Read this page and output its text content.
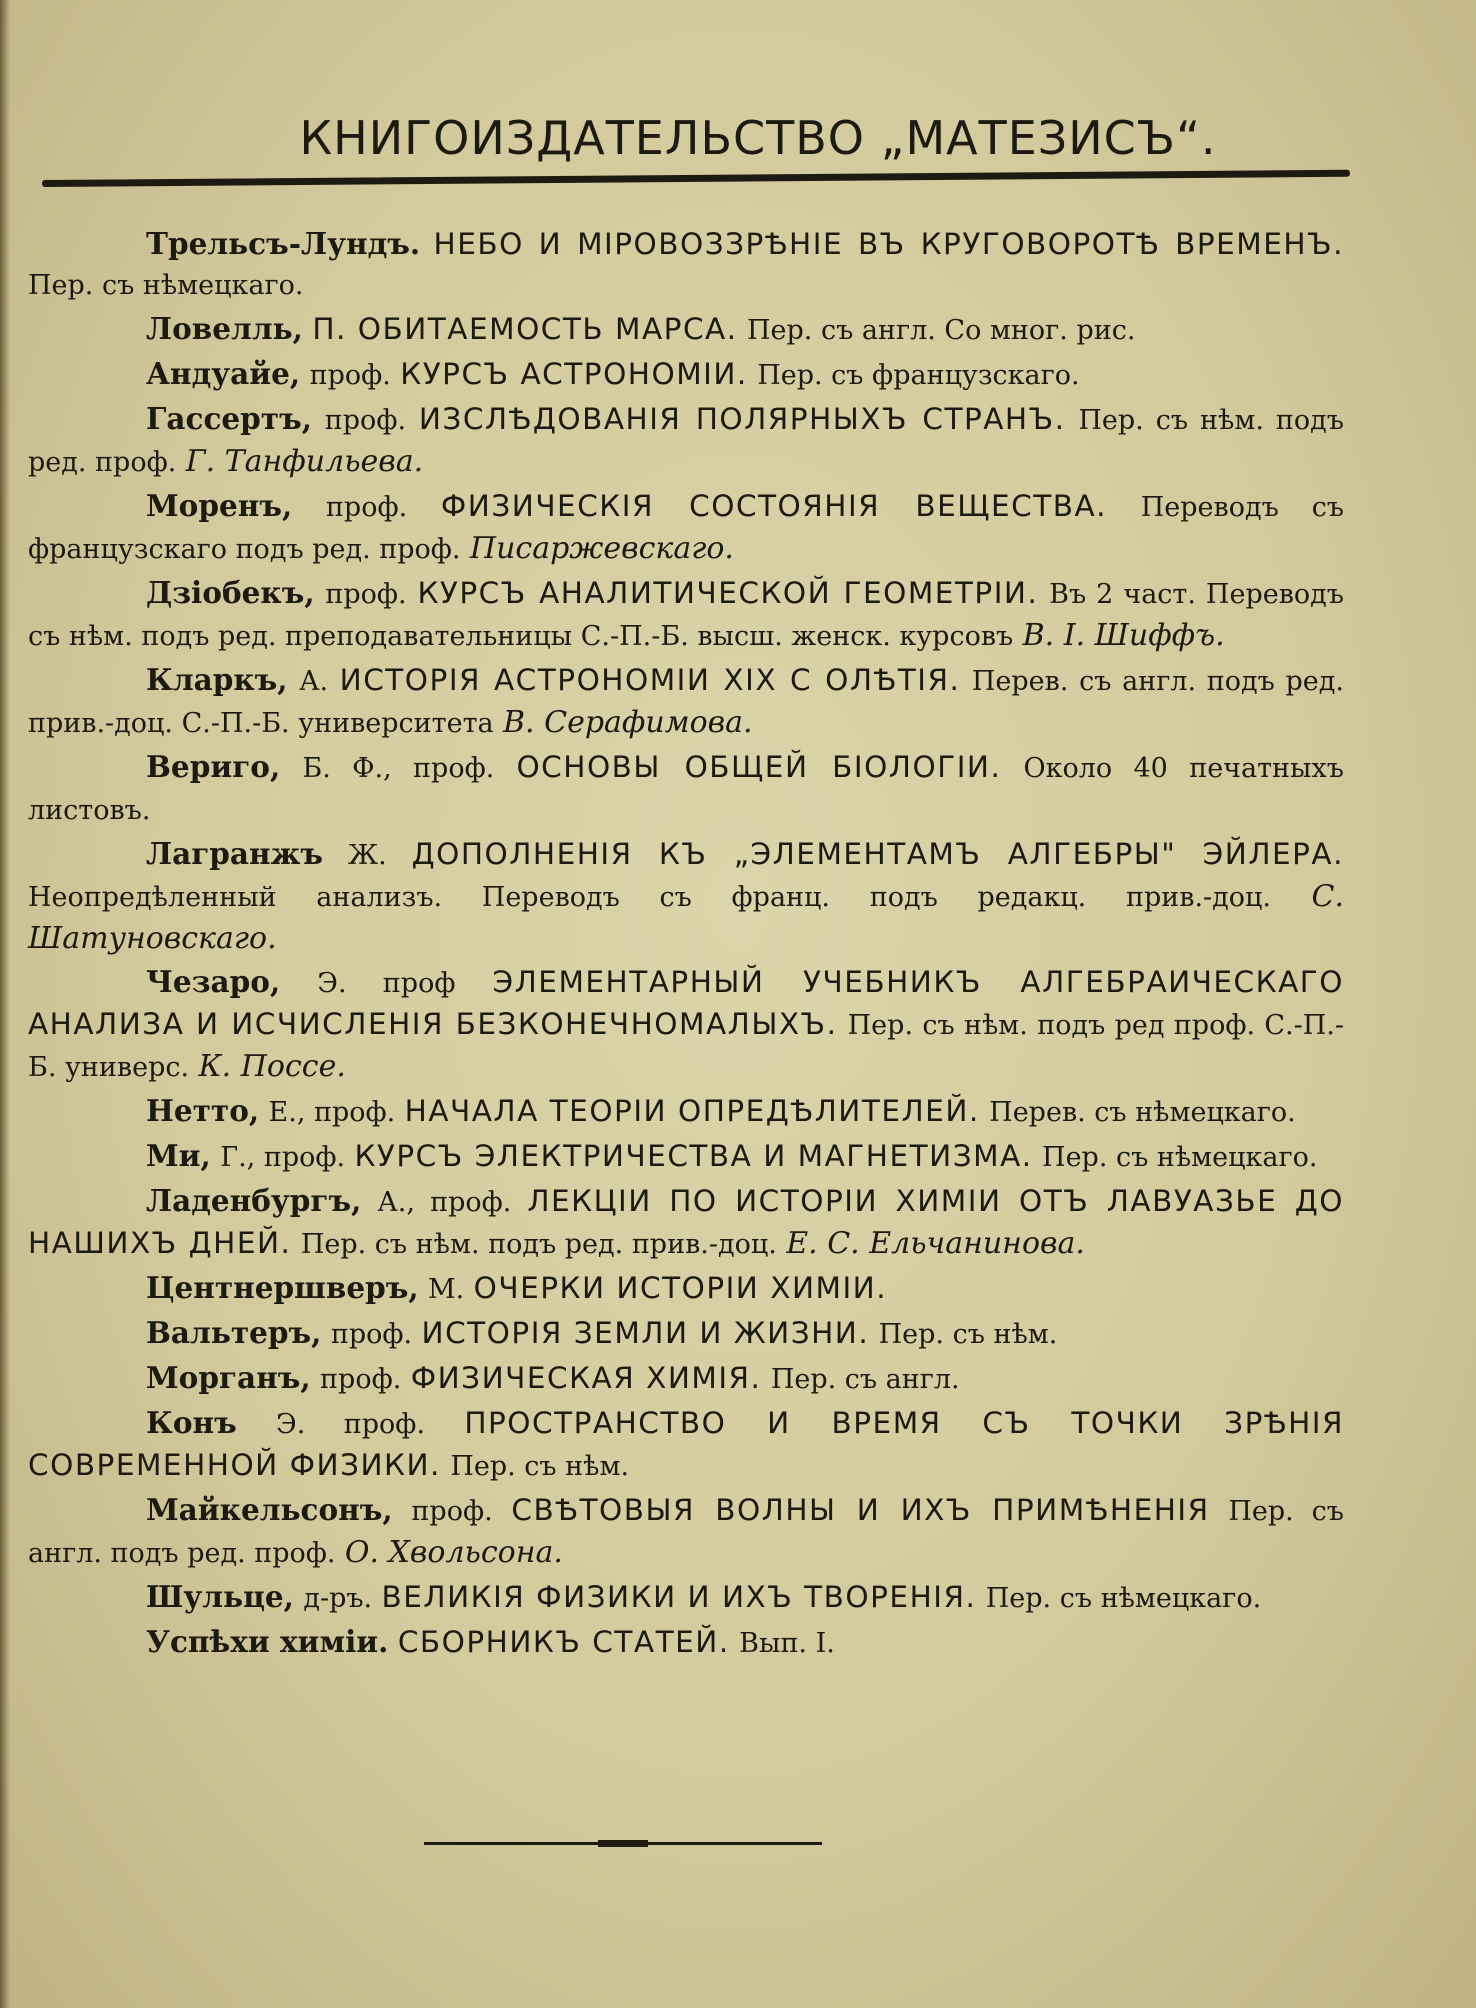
КНИГОИЗДАТЕЛЬСТВО „МАТЕЗИСЪ“.

Трельсъ-Лундъ. НЕБО И МІРОВОЗЗРѢНІЕ ВЪ КРУГОВОРОТѢ ВРЕМЕНЪ. Пер. съ нѣмецкаго.

Ловелль, П. ОБИТАЕМОСТЬ МАРСА. Пер. съ англ. Со мног. рис.

Андуайе, проф. КУРСЪ АСТРОНОМІИ. Пер. съ французскаго.

Гассертъ, проф. ИЗСЛѢДОВАНІЯ ПОЛЯРНЫХЪ СТРАНЪ. Пер. съ нѣм. подъ ред. проф. Г. Танфильева.

Моренъ, проф. ФИЗИЧЕСКІЯ СОСТОЯНІЯ ВЕЩЕСТВА. Переводъ съ французскаго подъ ред. проф. Писаржевскаго.

Дзіобекъ, проф. КУРСЪ АНАЛИТИЧЕСКОЙ ГЕОМЕТРІИ. Въ 2 част. Переводъ съ нѣм. подъ ред. преподавательницы С.-П.-Б. высш. женск. курсовъ В. I. Шиффъ.

Кларкъ, А. ИСТОРІЯ АСТРОНОМІИ XIX С ОЛѢТІЯ. Перев. съ англ. подъ ред. прив.-доц. С.-П.-Б. университета В. Серафимова.

Вериго, Б. Ф., проф. ОСНОВЫ ОБЩЕЙ БІОЛОГІИ. Около 40 печатныхъ листовъ.

Лагранжъ Ж. ДОПОЛНЕНІЯ КЪ „ЭЛЕМЕНТАМЪ АЛГЕБРЫ" ЭЙЛЕРА. Неопредѣленный анализъ. Переводъ съ франц. подъ редакц. прив.-доц. С. Шатуновскаго.

Чезаро, Э. проф ЭЛЕМЕНТАРНЫЙ УЧЕБНИКЪ АЛГЕБРАИЧЕСКАГО АНАЛИЗА И ИСЧИСЛЕНІЯ БЕЗКОНЕЧНОМАЛЫХЪ. Пер. съ нѣм. подъ ред проф. С.-П.-Б. универс. К. Поссе.

Нетто, Е., проф. НАЧАЛА ТЕОРІИ ОПРЕДѢЛИТЕЛЕЙ. Перев. съ нѣмецкаго.

Ми, Г., проф. КУРСЪ ЭЛЕКТРИЧЕСТВА И МАГНЕТИЗМА. Пер. съ нѣмецкаго.

Ладенбургъ, А., проф. ЛЕКЦІИ ПО ИСТОРІИ ХИМІИ ОТЪ ЛАВУАЗЬЕ ДО НАШИХЪ ДНЕЙ. Пер. съ нѣм. подъ ред. прив.-доц. Е. С. Ельчанинова.

Центнершверъ, М. ОЧЕРКИ ИСТОРІИ ХИМІИ.

Вальтеръ, проф. ИСТОРІЯ ЗЕМЛИ И ЖИЗНИ. Пер. съ нѣм.

Морганъ, проф. ФИЗИЧЕСКАЯ ХИМІЯ. Пер. съ англ.

Конъ Э. проф. ПРОСТРАНСТВО И ВРЕМЯ СЪ ТОЧКИ ЗРѢНІЯ СОВРЕМЕННОЙ ФИЗИКИ. Пер. съ нѣм.

Майкельсонъ, проф. СВѢТОВЫЯ ВОЛНЫ И ИХЪ ПРИМѢНЕНІЯ Пер. съ англ. подъ ред. проф. О. Хвольсона.

Шульце, д-ръ. ВЕЛИКІЯ ФИЗИКИ И ИХЪ ТВОРЕНІЯ. Пер. съ нѣмецкаго.

Успѣхи химіи. СБОРНИКЪ СТАТЕЙ. Вып. I.
